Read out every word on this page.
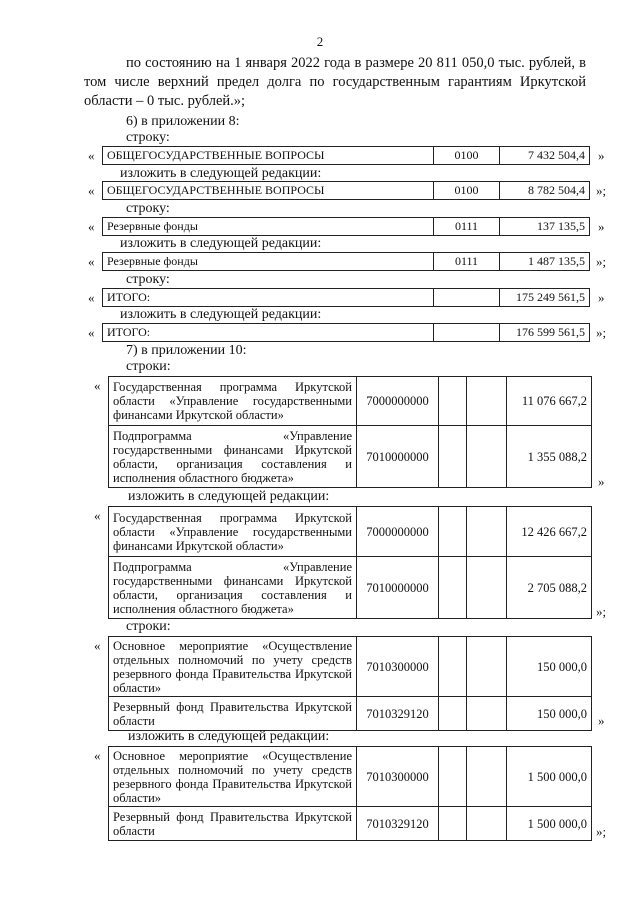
2
по состоянию на 1 января 2022 года в размере 20 811 050,0 тыс. рублей, в том числе верхний предел долга по государственным гарантиям Иркутской области – 0 тыс. рублей.»;
6) в приложении 8:
строку:
«	ОБЩЕГОСУДАРСТВЕННЫЕ ВОПРОСЫ	0100	7 432 504,4	»
изложить в следующей редакции:
«	ОБЩЕГОСУДАРСТВЕННЫЕ ВОПРОСЫ	0100	8 782 504,4 »;
строку:
«	Резервные фонды	0111	137 135,5	»
изложить в следующей редакции:
«	Резервные фонды	0111	1 487 135,5 »;
строку:
«	ИТОГО:	175 249 561,5	»
изложить в следующей редакции:
«	ИТОГО:	176 599 561,5 »;
7) в приложении 10:
строки:
« Государственная программа Иркутской области «Управление государственными финансами Иркутской области»	7000000000			11 076 667,2
Подпрограмма «Управление государственными финансами Иркутской области, организация составления и исполнения областного бюджета»	7010000000			1 355 088,2
»
изложить в следующей редакции:
« Государственная программа Иркутской области «Управление государственными финансами Иркутской области»	7000000000			12 426 667,2
Подпрограмма «Управление государственными финансами Иркутской области, организация составления и исполнения областного бюджета»	7010000000			2 705 088,2
»;
строки:
« Основное мероприятие «Осуществление отдельных полномочий по учету средств резервного фонда Правительства Иркутской области»	7010300000			150 000,0
Резервный фонд Правительства Иркутской области	7010329120			150 000,0 »
изложить в следующей редакции:
« Основное мероприятие «Осуществление отдельных полномочий по учету средств резервного фонда Правительства Иркутской области»	7010300000			1 500 000,0
Резервный фонд Правительства Иркутской области	7010329120			1 500 000,0
»;
